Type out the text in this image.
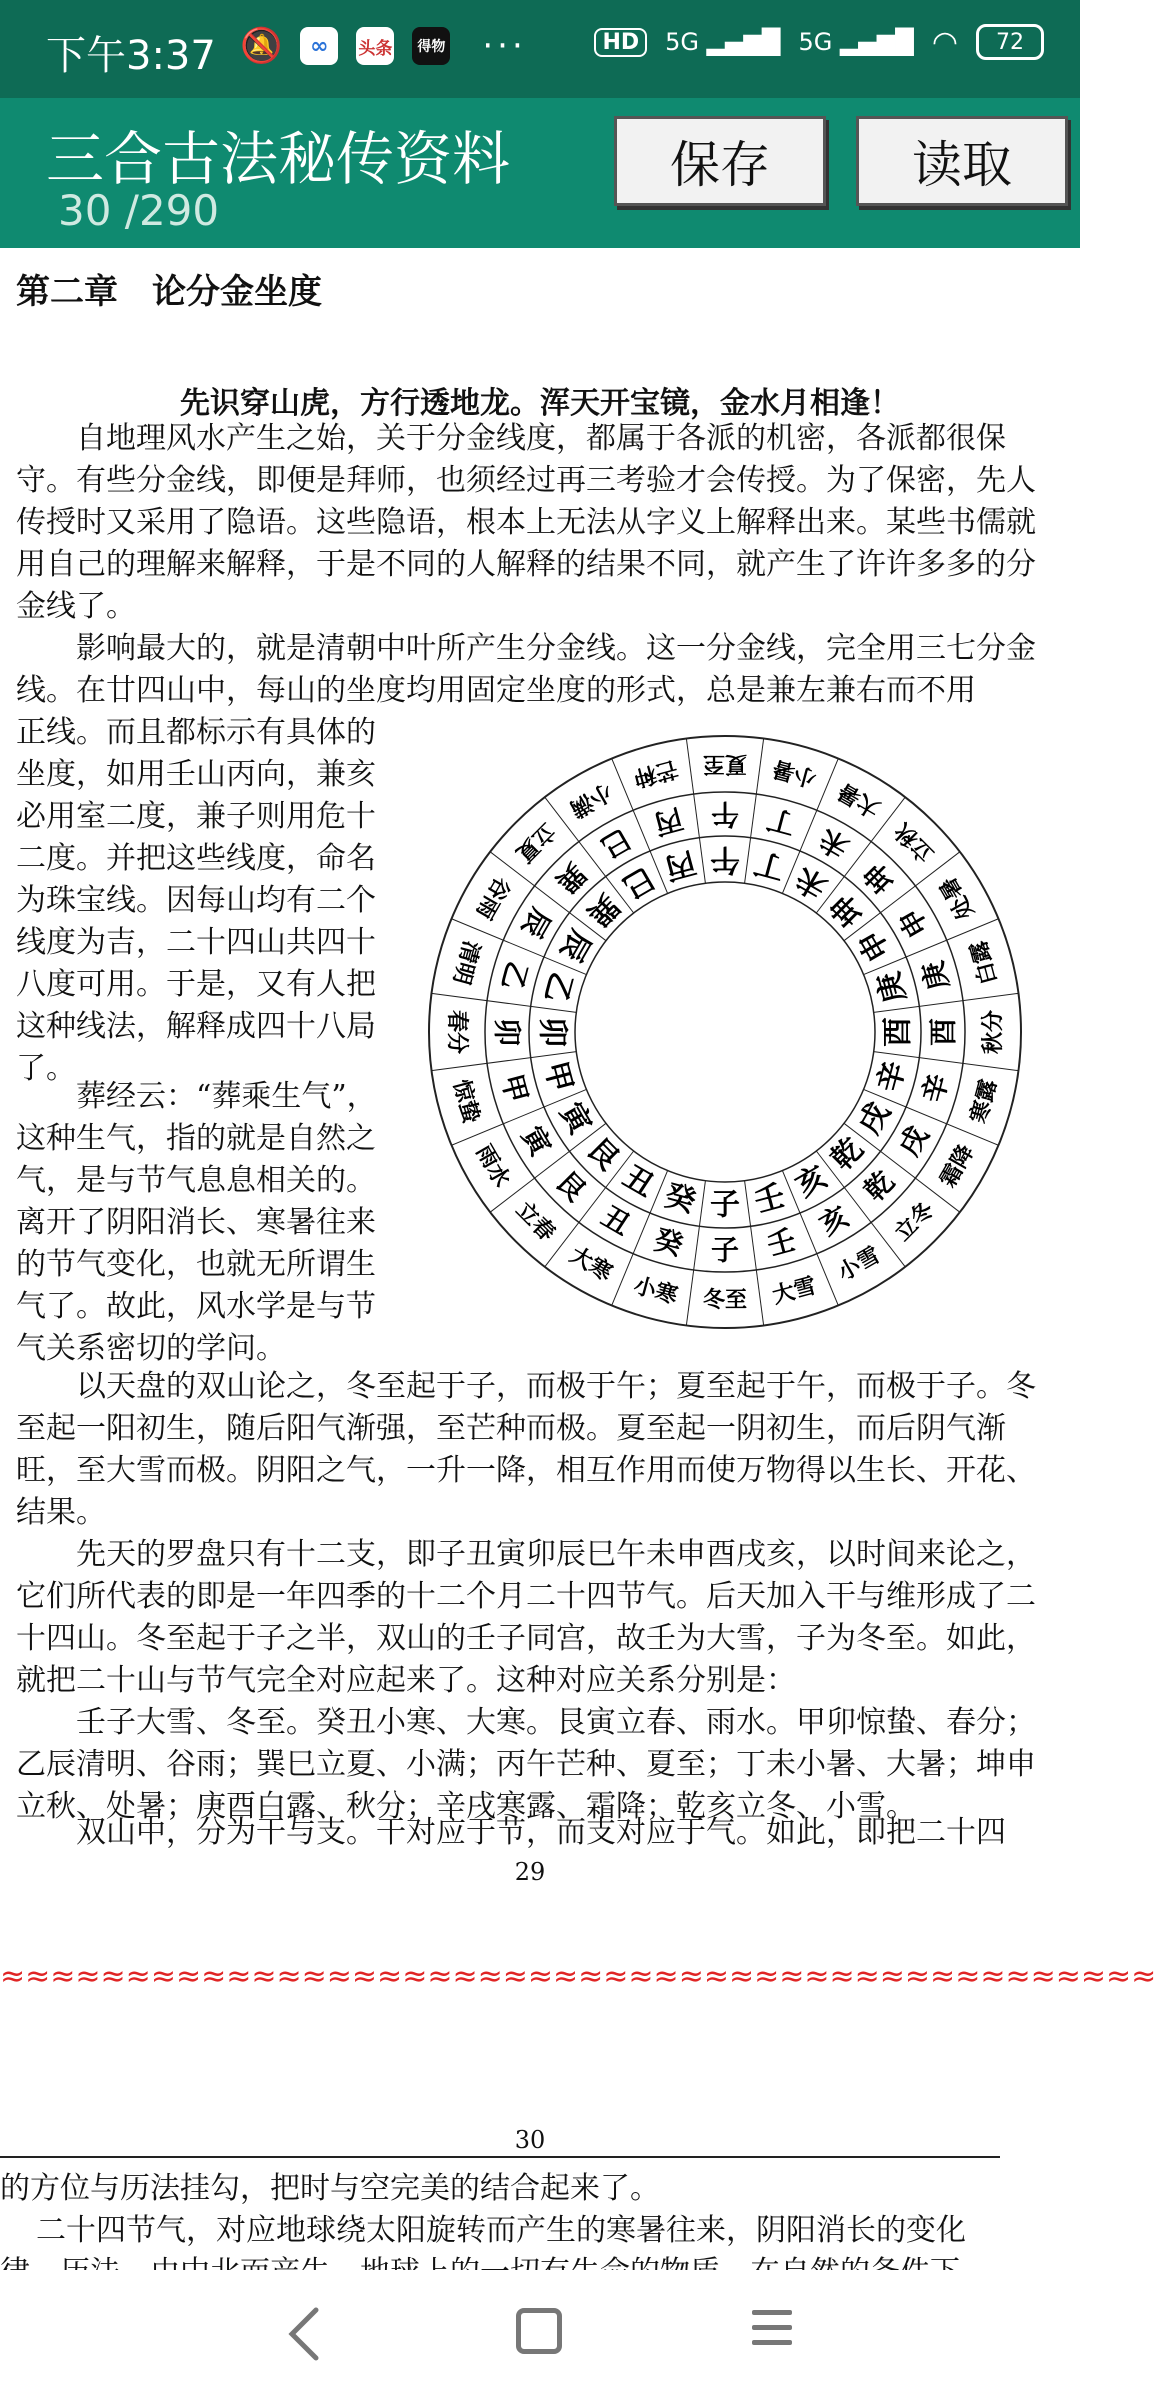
下午3:37 🔕	∞	头条	得物 ···	HD	5G ▂▄▆█ 5G ▂▄▆█ ◠	72
三合古法秘传资料
30 /290
保存	读取
第二章　论分金坐度
先识穿山虎，方行透地龙。浑天开宝镜，金水月相逢！

自地理风水产生之始，关于分金线度，都属于各派的机密，各派都很保守。有些分金线，即便是拜师，也须经过再三考验才会传授。为了保密，先人传授时又采用了隐语。这些隐语，根本上无法从字义上解释出来。某些书儒就用自己的理解来解释，于是不同的人解释的结果不同，就产生了许许多多的分金线了。

影响最大的，就是清朝中叶所产生分金线。这一分金线，完全用三七分金线。在廿四山中，每山的坐度均用固定坐度的形式，总是兼左兼右而不用

正线。而且都标示有具体的坐度，如用壬山丙向，兼亥必用室二度，兼子则用危十二度。并把这些线度，命名为珠宝线。因每山均有二个线度为吉，二十四山共四十八度可用。于是，又有人把这种线法，解释成四十八局了。

葬经云：“葬乘生气”，这种生气，指的就是自然之气，是与节气息息相关的。离开了阴阳消长、寒暑往来的节气变化，也就无所谓生气了。故此，风水学是与节气关系密切的学问。

以天盘的双山论之，冬至起于子，而极于午；夏至起于午，而极于子。冬至起一阳初生，随后阳气渐强，至芒种而极。夏至起一阴初生，而后阴气渐旺，至大雪而极。阴阳之气，一升一降，相互作用而使万物得以生长、开花、结果。

先天的罗盘只有十二支，即子丑寅卯辰巳午未申酉戌亥，以时间来论之，它们所代表的即是一年四季的十二个月二十四节气。后天加入干与维形成了二十四山。冬至起于子之半，双山的壬子同宫，故壬为大雪，子为冬至。如此，就把二十山与节气完全对应起来了。这种对应关系分别是：

壬子大雪、冬至。癸丑小寒、大寒。艮寅立春、雨水。甲卯惊蛰、春分；乙辰清明、谷雨；巽巳立夏、小满；丙午芒种、夏至；丁未小暑、大暑；坤申立秋、处暑；庚酉白露、秋分；辛戌寒露、霜降；乾亥立冬、小雪。

双山中，分为干与支。干对应于节，而支对应于气。如此，即把二十四

29
≈≈≈≈≈≈≈≈≈≈≈≈≈≈≈≈≈≈≈≈≈≈≈≈≈≈≈≈≈≈≈≈≈≈≈≈≈≈≈≈≈≈≈≈≈≈
30

的方位与历法挂勾，把时与空完美的结合起来了。

二十四节气，对应地球绕太阳旋转而产生的寒暑往来，阴阳消长的变化

冬至
小寒
大寒
立春
雨水
惊蛰
春分
清明
谷雨
立夏
小满
芒种 夏至 小暑
大暑
立秋
处暑
白露
秋分
寒露
霜降
立冬
小雪
大雪
子
癸
丑
艮
寅
甲
卯
乙
辰
巽
巳
丙 午 丁
未
坤
申
庚
酉
辛
戌
乾
亥
壬
子
癸
丑
艮
寅
甲
卯
乙
辰
巽
巳 丙 午 丁 未
坤
申
庚
酉
辛
戌
乾
亥
壬
